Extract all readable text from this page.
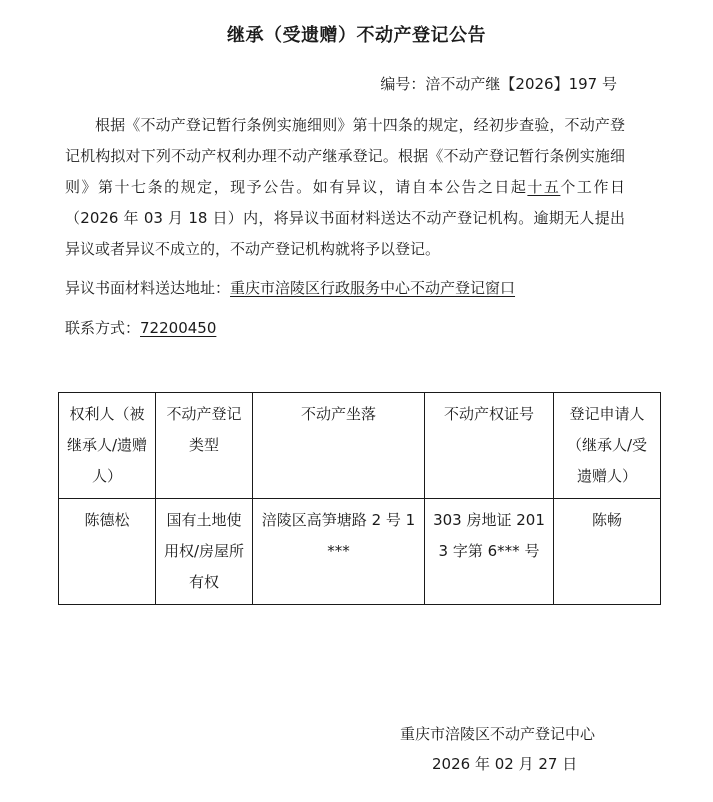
继承（受遗赠）不动产登记公告
编号：涪不动产继【2026】197 号
根据《不动产登记暂行条例实施细则》第十四条的规定，经初步查验，不动产登记机构拟对下列不动产权利办理不动产继承登记。根据《不动产登记暂行条例实施细则》第十七条的规定，现予公告。如有异议，请自本公告之日起十五个工作日（2026 年 03 月 18 日）内，将异议书面材料送达不动产登记机构。逾期无人提出异议或者异议不成立的，不动产登记机构就将予以登记。
异议书面材料送达地址：重庆市涪陵区行政服务中心不动产登记窗口
联系方式：72200450
权利人（被继承人/遗赠人）	不动产登记类型	不动产坐落	不动产权证号	登记申请人（继承人/受遗赠人）
陈德松	国有土地使用权/房屋所有权	涪陵区高笋塘路 2 号 1***	303 房地证 2013 字第 6*** 号	陈畅
重庆市涪陵区不动产登记中心
2026 年 02 月 27 日
